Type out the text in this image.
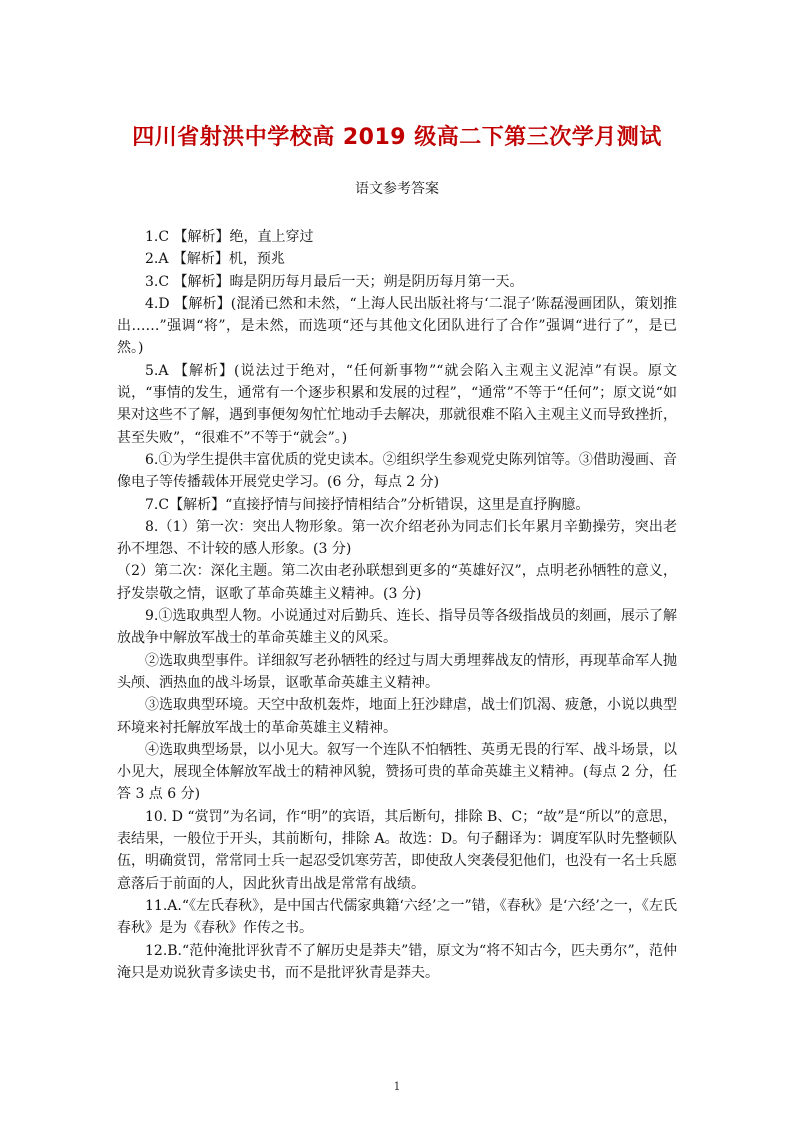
四川省射洪中学校高 2019 级高二下第三次学月测试
语文参考答案

1.C 【解析】绝，直上穿过

2.A 【解析】机，预兆

3.C 【解析】晦是阴历每月最后一天；朔是阴历每月第一天。

4.D 【解析】(混淆已然和未然，“上海人民出版社将与‘二混子’陈磊漫画团队，策划推出……”强调“将”，是未然，而选项“还与其他文化团队进行了合作”强调“进行了”，是已然。)

5.A 【解析】(说法过于绝对，“任何新事物”“就会陷入主观主义泥淖”有误。原文说，“事情的发生，通常有一个逐步积累和发展的过程”，“通常”不等于“任何”；原文说“如果对这些不了解，遇到事便匆匆忙忙地动手去解决，那就很难不陷入主观主义而导致挫折，甚至失败”，“很难不”不等于“就会”。)

6.①为学生提供丰富优质的党史读本。②组织学生参观党史陈列馆等。③借助漫画、音像电子等传播载体开展党史学习。(6 分，每点 2 分)

7.C【解析】“直接抒情与间接抒情相结合”分析错误，这里是直抒胸臆。

8.（1）第一次：突出人物形象。第一次介绍老孙为同志们长年累月辛勤操劳，突出老孙不埋怨、不计较的感人形象。(3 分)

（2）第二次：深化主题。第二次由老孙联想到更多的“英雄好汉”，点明老孙牺牲的意义，抒发崇敬之情，讴歌了革命英雄主义精神。(3 分)

9.①选取典型人物。小说通过对后勤兵、连长、指导员等各级指战员的刻画，展示了解放战争中解放军战士的革命英雄主义的风采。

②选取典型事件。详细叙写老孙牺牲的经过与周大勇埋葬战友的情形，再现革命军人抛头颅、洒热血的战斗场景，讴歌革命英雄主义精神。

③选取典型环境。天空中敌机轰炸，地面上狂沙肆虐，战士们饥渴、疲惫，小说以典型环境来衬托解放军战士的革命英雄主义精神。

④选取典型场景，以小见大。叙写一个连队不怕牺牲、英勇无畏的行军、战斗场景，以小见大，展现全体解放军战士的精神风貌，赞扬可贵的革命英雄主义精神。(每点 2 分，任答 3 点 6 分)

10. D “赏罚”为名词，作“明”的宾语，其后断句，排除 B、C；“故”是“所以”的意思，表结果，一般位于开头，其前断句，排除 A。故选：D。句子翻译为：调度军队时先整顿队伍，明确赏罚，常常同士兵一起忍受饥寒劳苦，即使敌人突袭侵犯他们，也没有一名士兵愿意落后于前面的人，因此狄青出战是常常有战绩。

11.A.“《左氏春秋》，是中国古代儒家典籍‘六经’之一”错，《春秋》是‘六经’之一，《左氏春秋》是为《春秋》作传之书。

12.B.“范仲淹批评狄青不了解历史是莽夫”错，原文为“将不知古今，匹夫勇尔”，范仲淹只是劝说狄青多读史书，而不是批评狄青是莽夫。

1
